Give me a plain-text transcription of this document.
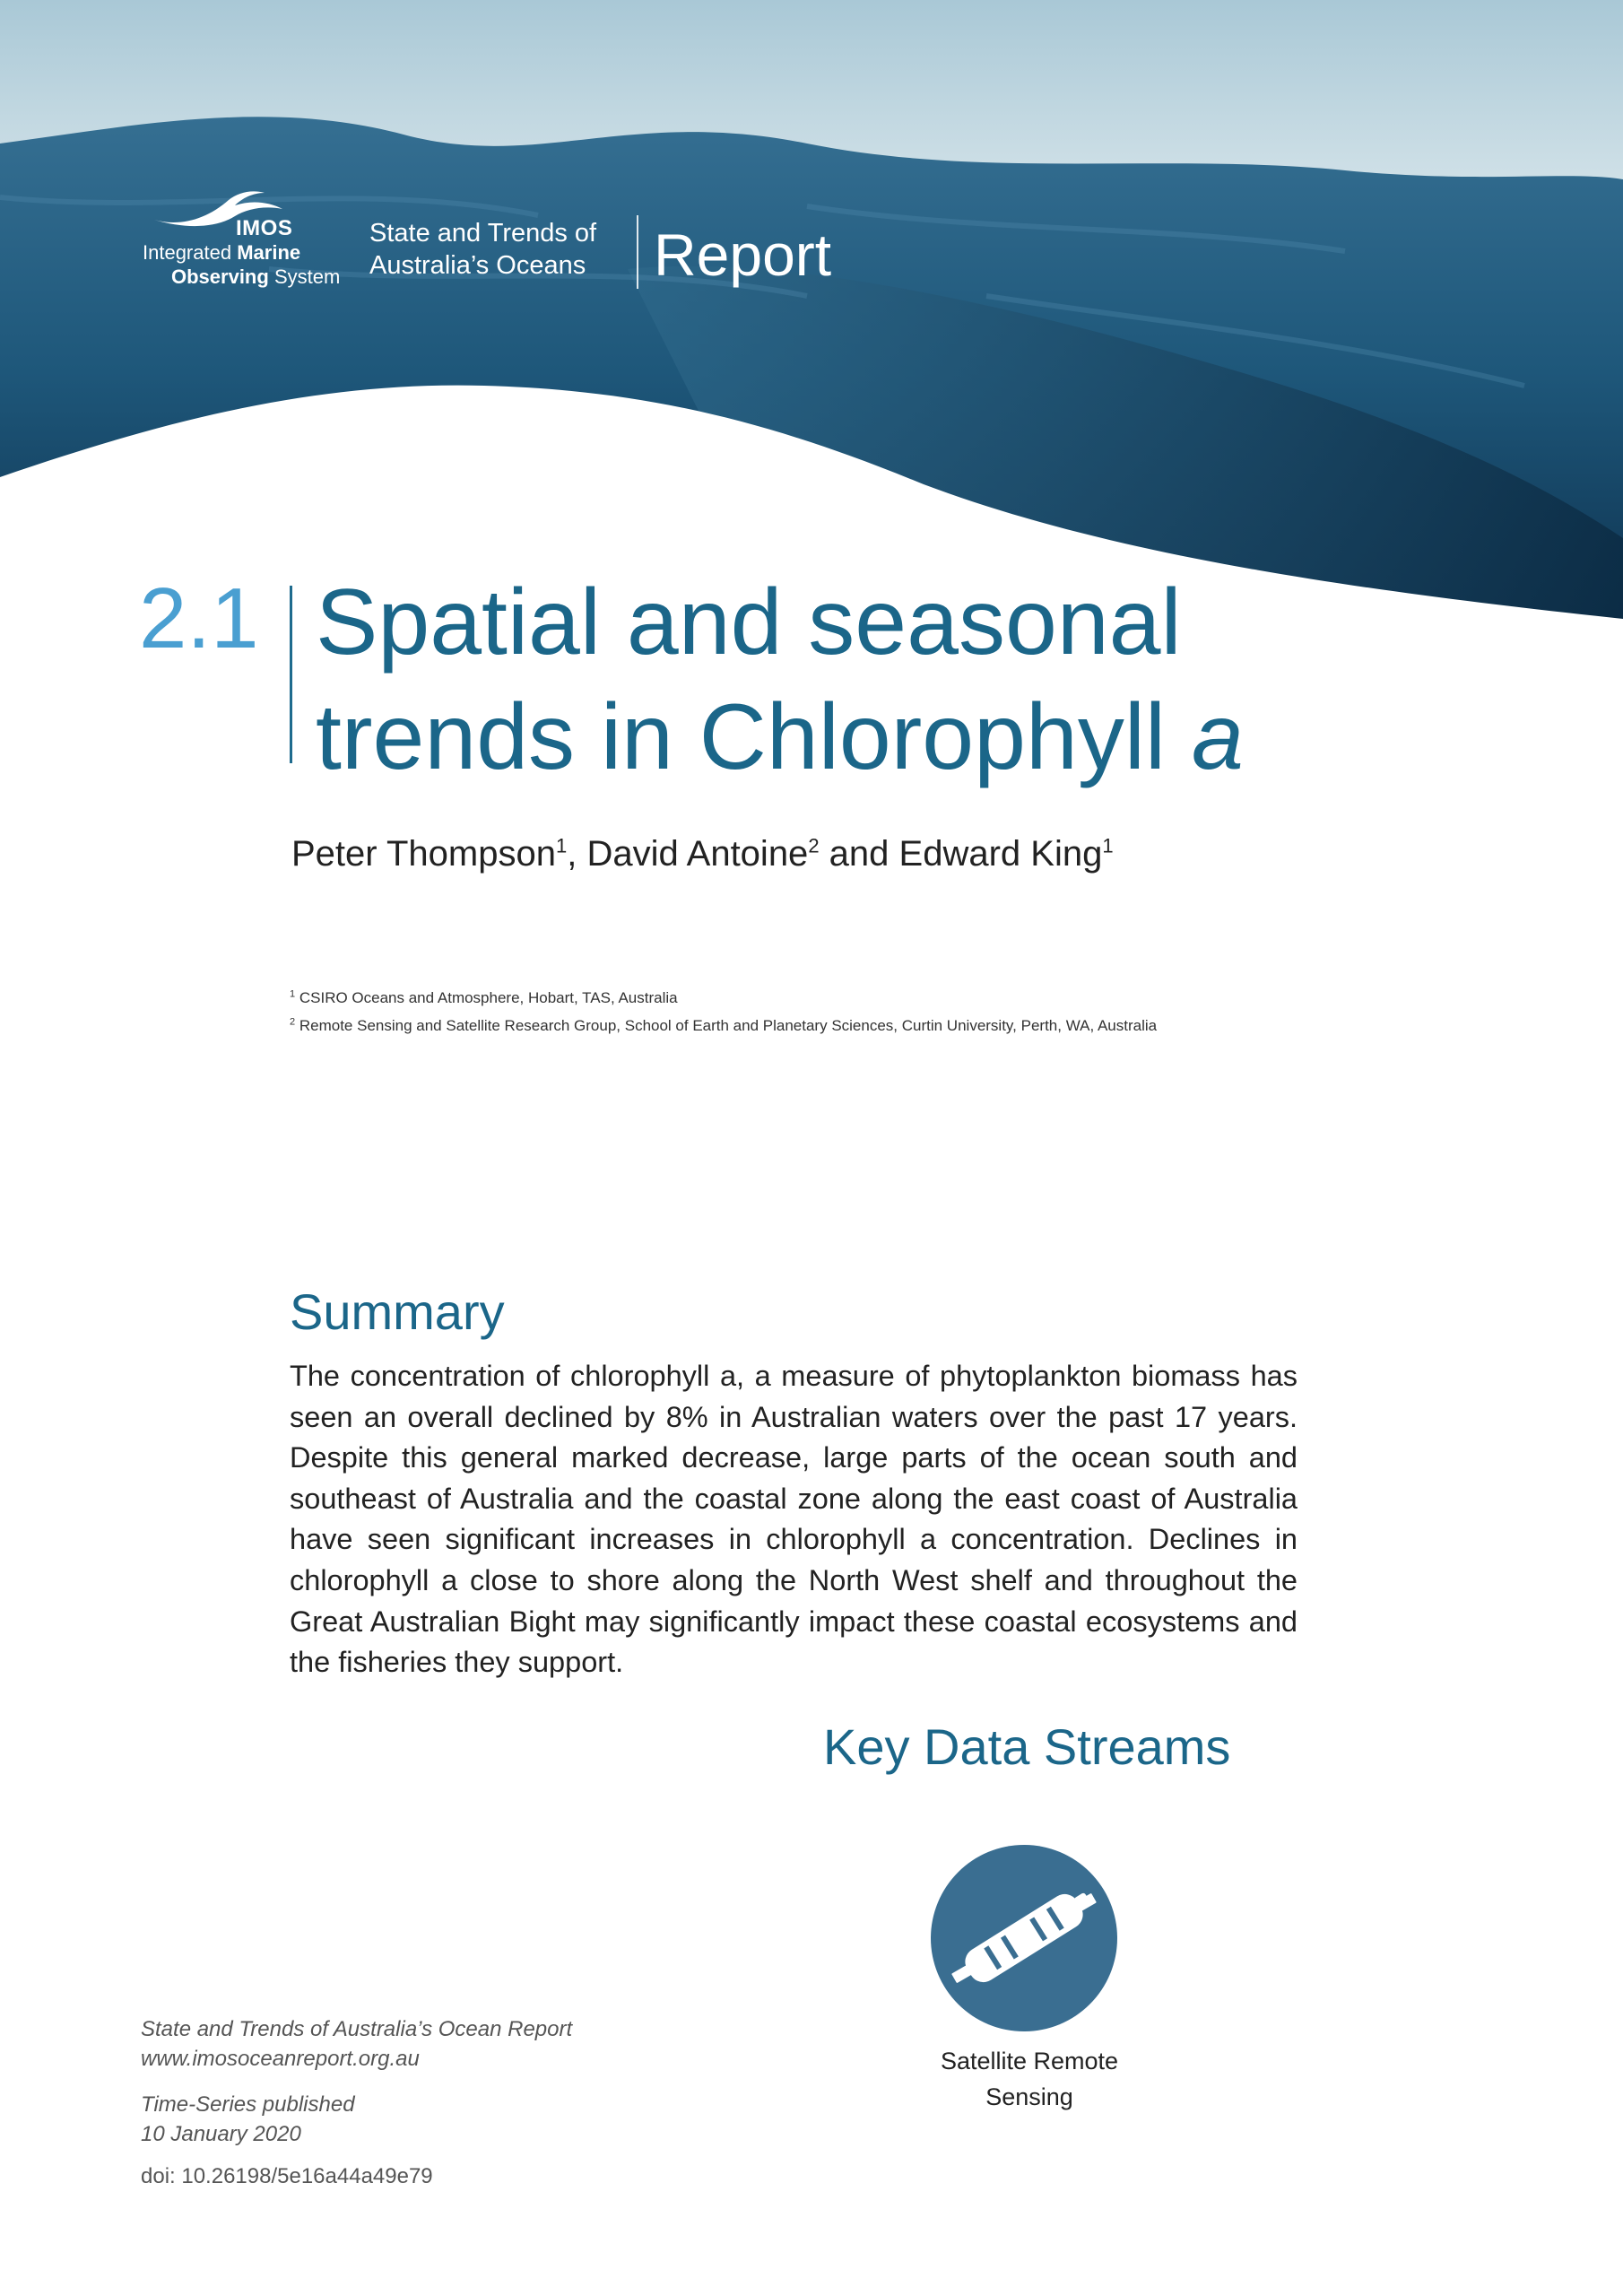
IMOS
Integrated Marine
Observing System
State and Trends of
Australia’s Oceans Report
2.1 Spatial and seasonal
trends in Chlorophyll a
Peter Thompson$^1$, David Antoine$^2$ and Edward King$^1$
$^1$ CSIRO Oceans and Atmosphere, Hobart, TAS, Australia
$^2$ Remote Sensing and Satellite Research Group, School of Earth and Planetary Sciences, Curtin University, Perth, WA, Australia
Summary

The concentration of chlorophyll a, a measure of phytoplankton biomass has seen an overall declined by 8% in Australian waters over the past 17 years. Despite this general marked decrease, large parts of the ocean south and southeast of Australia and the coastal zone along the east coast of Australia have seen significant increases in chlorophyll a concentration. Declines in chlorophyll a close to shore along the North West shelf and throughout the Great Australian Bight may significantly impact these coastal ecosystems and the fisheries they support.

Key Data Streams
Satellite Remote
Sensing
State and Trends of Australia’s Ocean Report
www.imosoceanreport.org.au
Time-Series published
10 January 2020
doi: 10.26198/5e16a44a49e79
